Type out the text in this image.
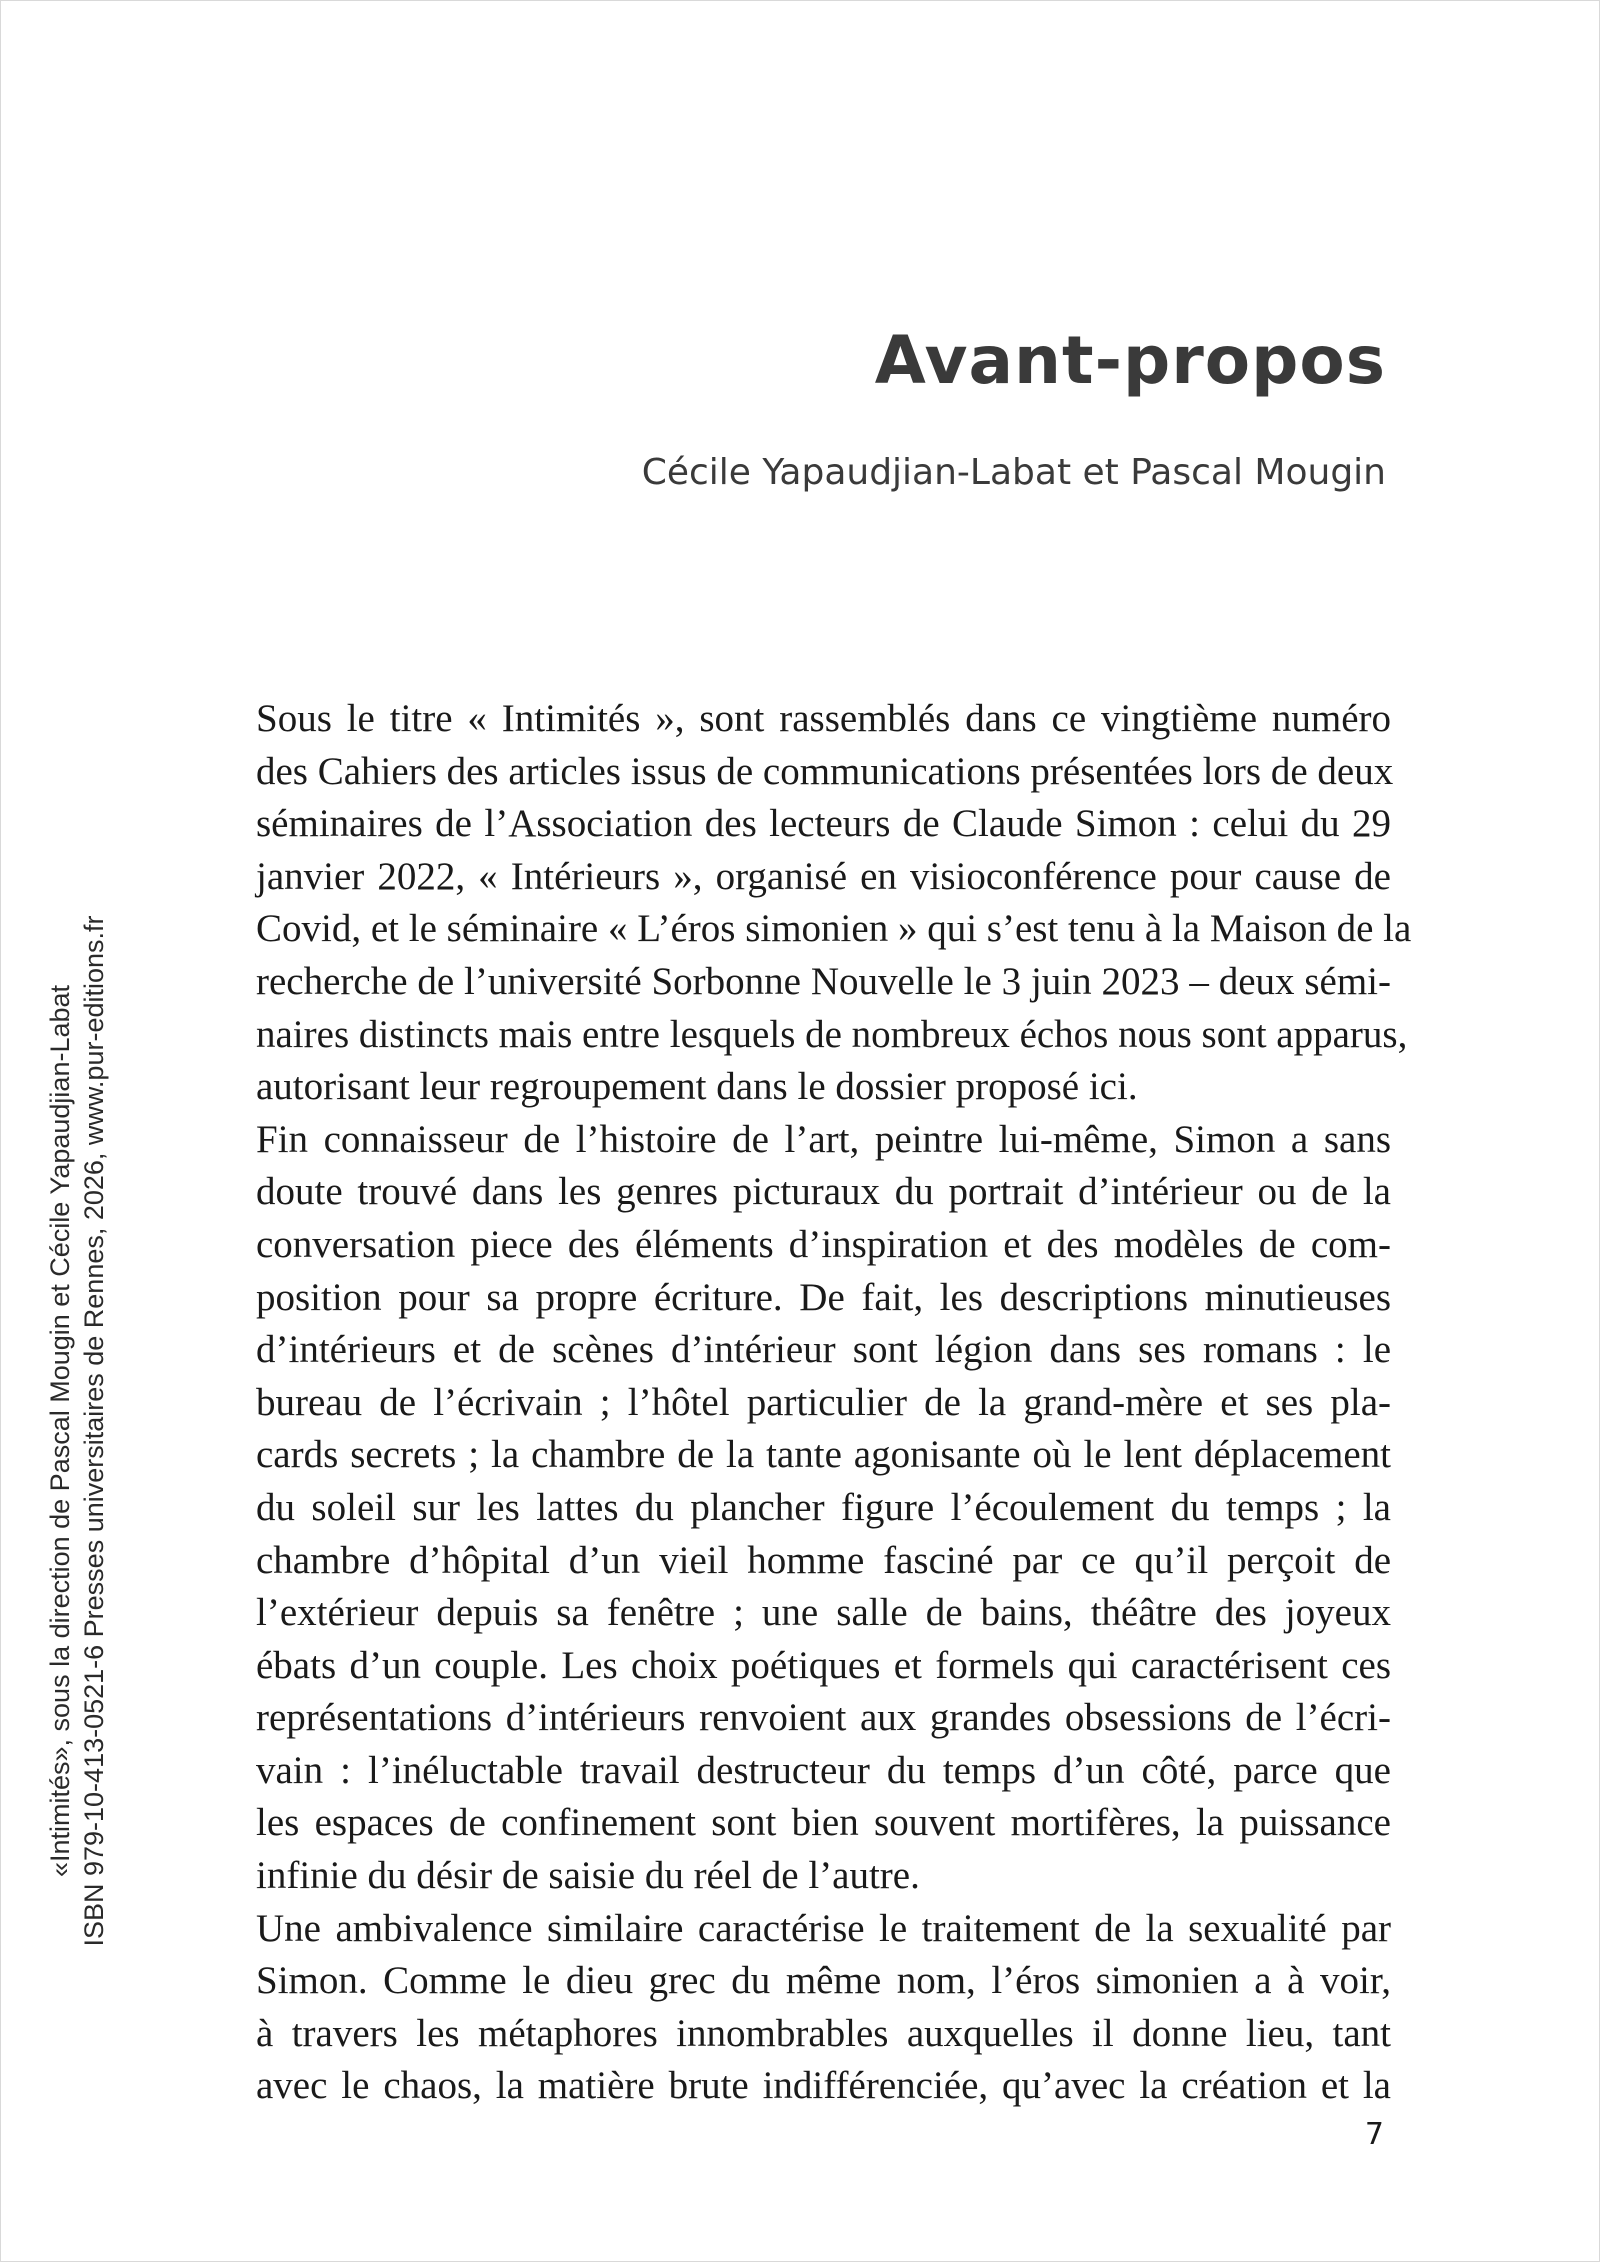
Avant-propos
Cécile Yapaudjian-Labat et Pascal Mougin

Sous le titre « Intimités », sont rassemblés dans ce vingtième numéro
des Cahiers des articles issus de communications présentées lors de deux
séminaires de l’Association des lecteurs de Claude Simon : celui du 29
janvier 2022, « Intérieurs », organisé en visioconférence pour cause de
Covid, et le séminaire « L’éros simonien » qui s’est tenu à la Maison de la
recherche de l’université Sorbonne Nouvelle le 3 juin 2023 – deux sémi-
naires distincts mais entre lesquels de nombreux échos nous sont apparus,
autorisant leur regroupement dans le dossier proposé ici.

Fin connaisseur de l’histoire de l’art, peintre lui-même, Simon a sans
doute trouvé dans les genres picturaux du portrait d’intérieur ou de la
conversation piece des éléments d’inspiration et des modèles de com-
position pour sa propre écriture. De fait, les descriptions minutieuses
d’intérieurs et de scènes d’intérieur sont légion dans ses romans : le
bureau de l’écrivain ; l’hôtel particulier de la grand-mère et ses pla-
cards secrets ; la chambre de la tante agonisante où le lent déplacement
du soleil sur les lattes du plancher figure l’écoulement du temps ; la
chambre d’hôpital d’un vieil homme fasciné par ce qu’il perçoit de
l’extérieur depuis sa fenêtre ; une salle de bains, théâtre des joyeux
ébats d’un couple. Les choix poétiques et formels qui caractérisent ces
représentations d’intérieurs renvoient aux grandes obsessions de l’écri-
vain : l’inéluctable travail destructeur du temps d’un côté, parce que
les espaces de confinement sont bien souvent mortifères, la puissance
infinie du désir de saisie du réel de l’autre.

Une ambivalence similaire caractérise le traitement de la sexualité par
Simon. Comme le dieu grec du même nom, l’éros simonien a à voir,
à travers les métaphores innombrables auxquelles il donne lieu, tant
avec le chaos, la matière brute indifférenciée, qu’avec la création et la

7
«Intimités», sous la direction de Pascal Mougin et Cécile Yapaudjian-Labat ISBN 979-10-413-0521-6 Presses universitaires de Rennes, 2026, www.pur-editions.fr
